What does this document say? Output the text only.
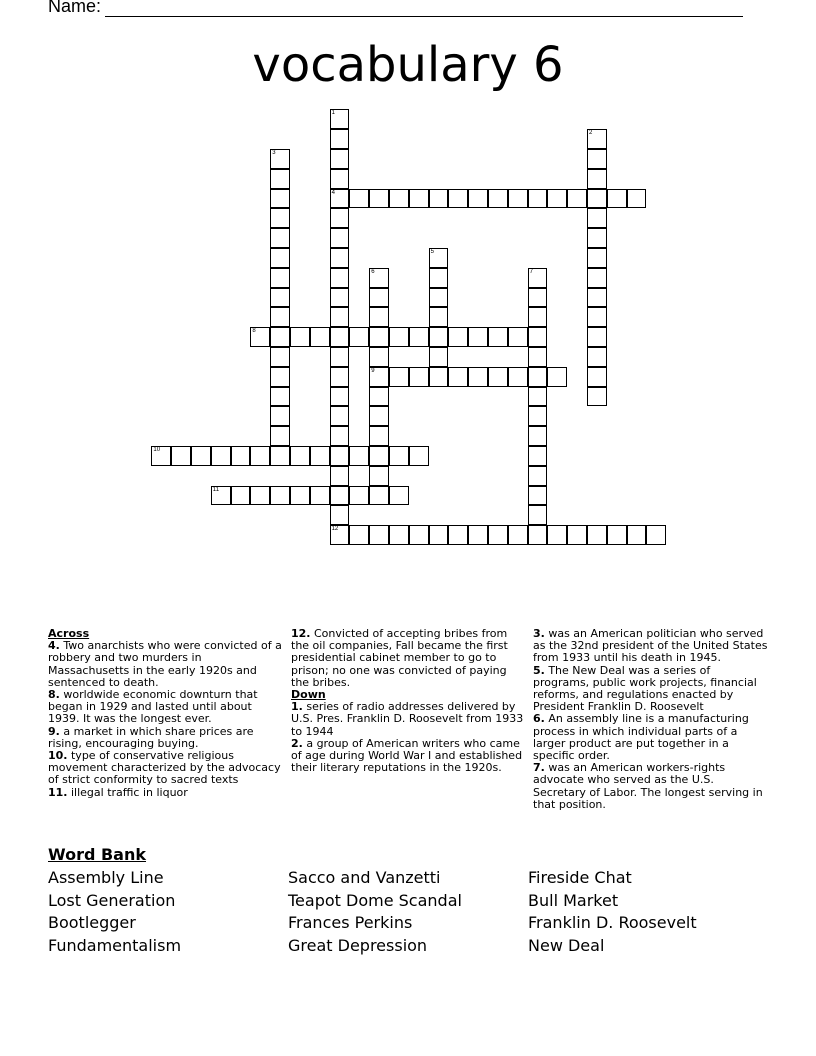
Name:
vocabulary 6
1
4
2
3
5
6
9
7
8
10
11
12
Across
4. Two anarchists who were convicted of a robbery and two murders in Massachusetts in the early 1920s and sentenced to death.
8. worldwide economic downturn that began in 1929 and lasted until about 1939. It was the longest ever.
9. a market in which share prices are rising, encouraging buying.
10. type of conservative religious movement characterized by the advocacy of strict conformity to sacred texts
11. illegal traffic in liquor
12. Convicted of accepting bribes from the oil companies, Fall became the first presidential cabinet member to go to prison; no one was convicted of paying the bribes.
Down
1. series of radio addresses delivered by U.S. Pres. Franklin D. Roosevelt from 1933 to 1944
2. a group of American writers who came of age during World War I and established their literary reputations in the 1920s.
3. was an American politician who served as the 32nd president of the United States from 1933 until his death in 1945.
5. The New Deal was a series of programs, public work projects, financial reforms, and regulations enacted by President Franklin D. Roosevelt
6. An assembly line is a manufacturing process in which individual parts of a larger product are put together in a specific order.
7. was an American workers-rights advocate who served as the U.S. Secretary of Labor. The longest serving in that position.
Word Bank
Assembly Line
Lost Generation
Bootlegger
Fundamentalism
Sacco and Vanzetti
Teapot Dome Scandal
Frances Perkins
Great Depression
Fireside Chat
Bull Market
Franklin D. Roosevelt
New Deal
